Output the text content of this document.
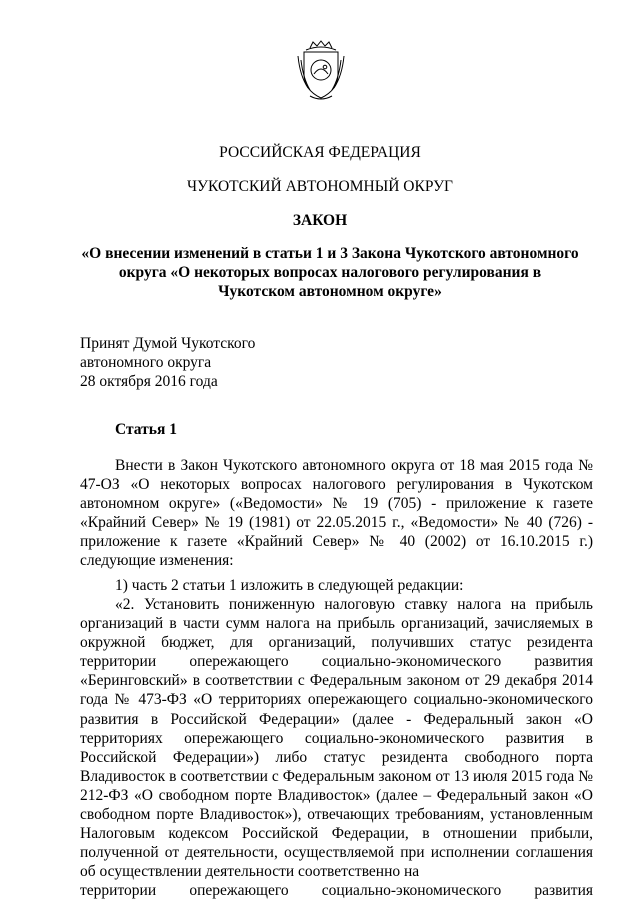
РОССИЙСКАЯ ФЕДЕРАЦИЯ
ЧУКОТСКИЙ АВТОНОМНЫЙ ОКРУГ
ЗАКОН
«О внесении изменений в статьи 1 и 3 Закона Чукотского автономного округа «О некоторых вопросах налогового регулирования в Чукотском автономном округе»
Принят Думой Чукотского
автономного округа
28 октября 2016 года
Статья 1
Внести в Закон Чукотского автономного округа от 18 мая 2015 года № 47-ОЗ «О некоторых вопросах налогового регулирования в Чукотском автономном округе» («Ведомости» № 19 (705) - приложение к газете «Крайний Север» № 19 (1981) от 22.05.2015 г., «Ведомости» № 40 (726) - приложение к газете «Крайний Север» № 40 (2002) от 16.10.2015 г.) следующие изменения:
1) часть 2 статьи 1 изложить в следующей редакции:
«2. Установить пониженную налоговую ставку налога на прибыль организаций в части сумм налога на прибыль организаций, зачисляемых в окружной бюджет, для организаций, получивших статус резидента территории опережающего социально-экономического развития «Беринговский» в соответствии с Федеральным законом от 29 декабря 2014 года № 473-ФЗ «О территориях опережающего социально-экономического развития в Российской Федерации» (далее - Федеральный закон «О территориях опережающего социально-экономического развития в Российской Федерации») либо статус резидента свободного порта Владивосток в соответствии с Федеральным законом от 13 июля 2015 года № 212-ФЗ «О свободном порте Владивосток» (далее – Федеральный закон «О свободном порте Владивосток»), отвечающих требованиям, установленным Налоговым кодексом Российской Федерации, в отношении прибыли, полученной от деятельности, осуществляемой при исполнении соглашения об осуществлении деятельности соответственно на
территории опережающего социально-экономического развития
